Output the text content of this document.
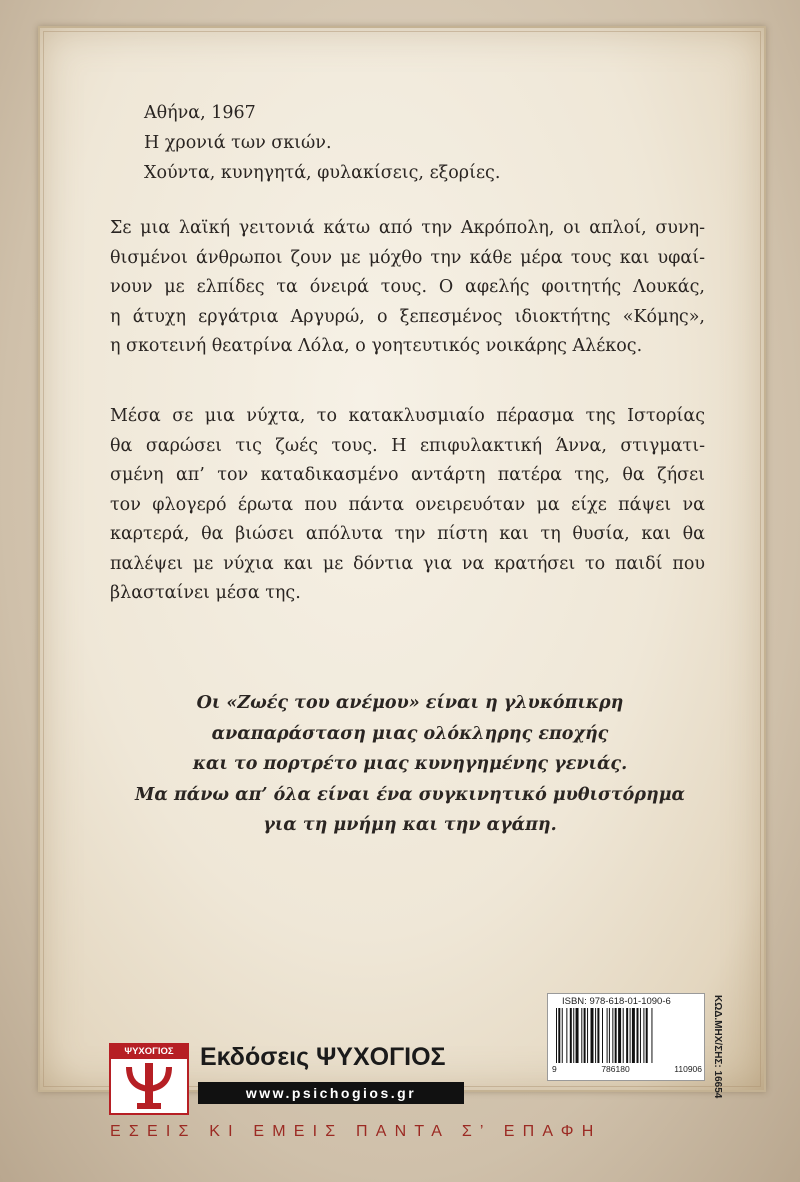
Αθήνα, 1967
Η χρονιά των σκιών.
Χούντα, κυνηγητά, φυλακίσεις, εξορίες.
Σε μια λαϊκή γειτονιά κάτω από την Ακρόπολη, οι απλοί, συνη-
θισμένοι άνθρωποι ζουν με μόχθο την κάθε μέρα τους και υφαί-
νουν με ελπίδες τα όνειρά τους. Ο αφελής φοιτητής Λουκάς,
η άτυχη εργάτρια Αργυρώ, ο ξεπεσμένος ιδιοκτήτης «Κόμης»,
η σκοτεινή θεατρίνα Λόλα, ο γοητευτικός νοικάρης Αλέκος.
Μέσα σε μια νύχτα, το κατακλυσμιαίο πέρασμα της Ιστορίας
θα σαρώσει τις ζωές τους. Η επιφυλακτική Άννα, στιγματι-
σμένη απ’ τον καταδικασμένο αντάρτη πατέρα της, θα ζήσει
τον φλογερό έρωτα που πάντα ονειρευόταν μα είχε πάψει να
καρτερά, θα βιώσει απόλυτα την πίστη και τη θυσία, και θα
παλέψει με νύχια και με δόντια για να κρατήσει το παιδί που
βλασταίνει μέσα της.
Οι «Ζωές του ανέμου» είναι η γλυκόπικρη
αναπαράσταση μιας ολόκληρης εποχής
και το πορτρέτο μιας κυνηγημένης γενιάς.
Μα πάνω απ’ όλα είναι ένα συγκινητικό μυθιστόρημα
για τη μνήμη και την αγάπη.
ISBN: 978-618-01-1090-6
9	786180	110906 ΚΩΔ.ΜΗΧ/ΣΗΣ: 16654
ΨΥΧΟΓΙΟΣ	Εκδόσεις ΨΥΧΟΓΙΟΣ
www.psichogios.gr
ΕΣΕΙΣ ΚΙ ΕΜΕΙΣ ΠΑΝΤΑ Σ’ ΕΠΑΦΗ
